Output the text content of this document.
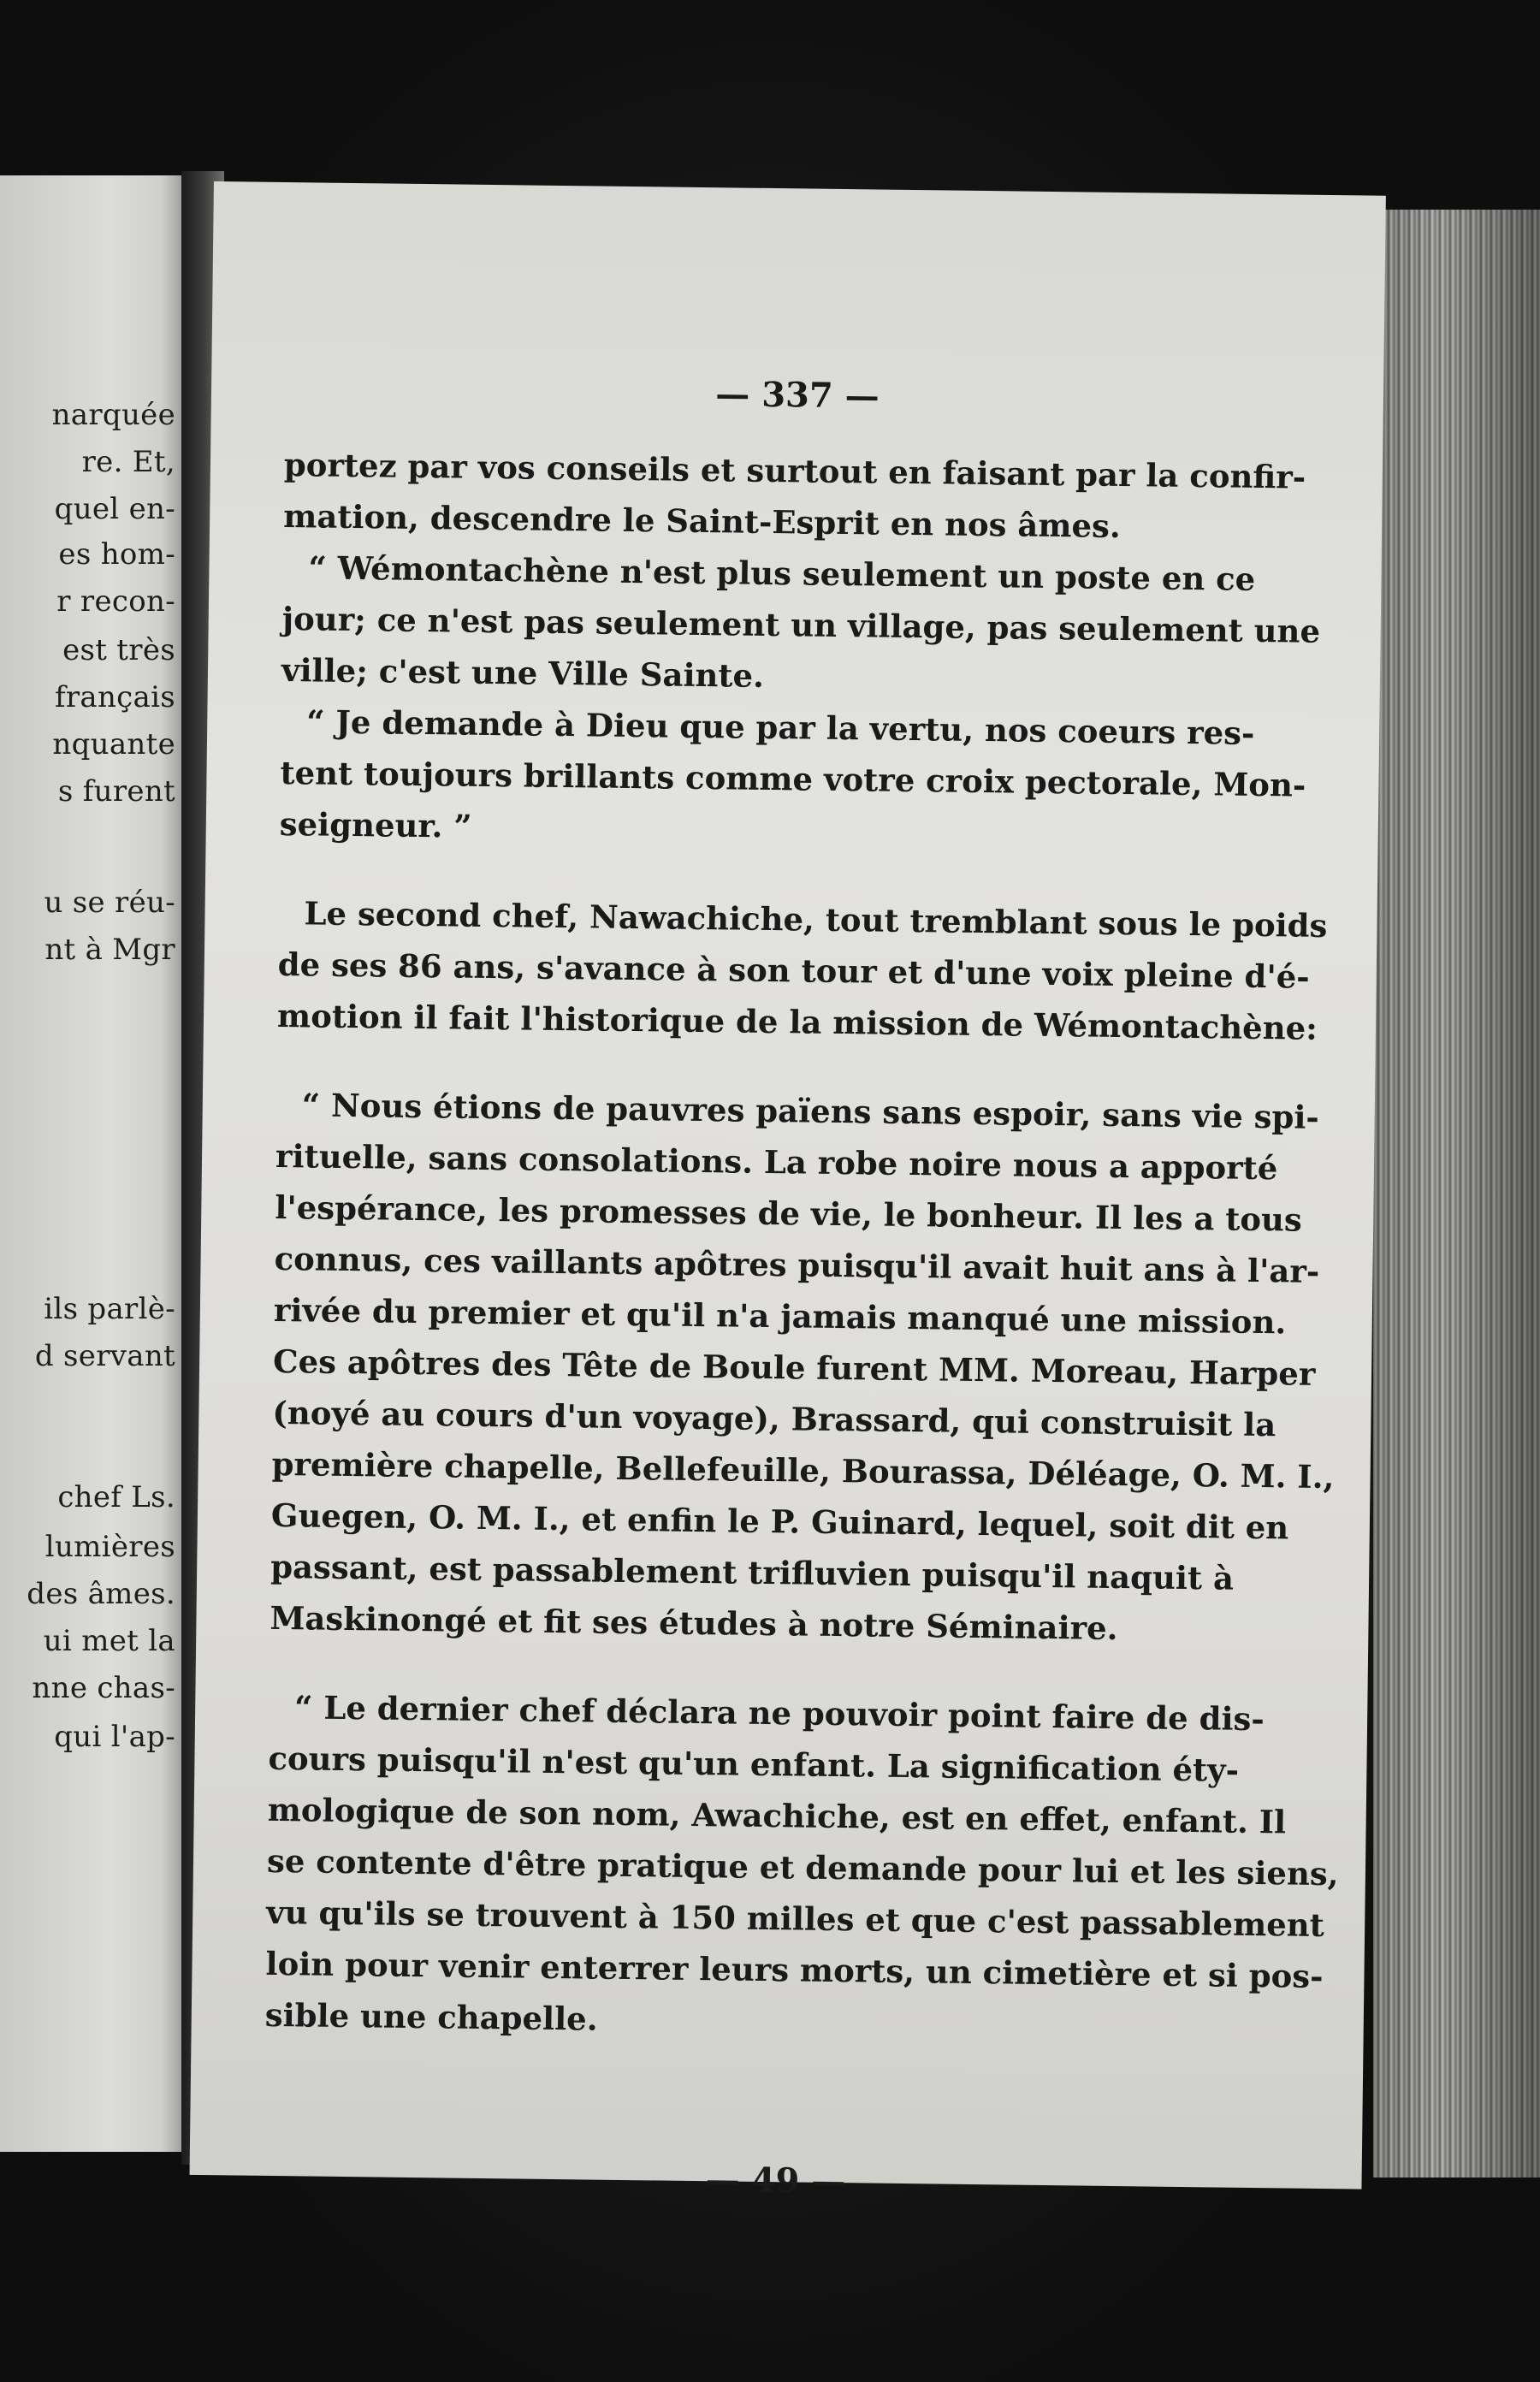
narquée
re. Et,
quel en-
es hom-
r recon-
est très
français
nquante
s furent
u se réu-
nt à Mgr
ils parlè-
d servant
chef Ls.
lumières
des âmes.
ui met la
nne chas-
qui l'ap-
— 337 —
portez par vos conseils et surtout en faisant par la confir-
mation, descendre le Saint-Esprit en nos âmes.
“ Wémontachène n'est plus seulement un poste en ce
jour; ce n'est pas seulement un village, pas seulement une
ville; c'est une Ville Sainte.
“ Je demande à Dieu que par la vertu, nos coeurs res-
tent toujours brillants comme votre croix pectorale, Mon-
seigneur. ”
Le second chef, Nawachiche, tout tremblant sous le poids
de ses 86 ans, s'avance à son tour et d'une voix pleine d'é-
motion il fait l'historique de la mission de Wémontachène:
“ Nous étions de pauvres païens sans espoir, sans vie spi-
rituelle, sans consolations. La robe noire nous a apporté
l'espérance, les promesses de vie, le bonheur. Il les a tous
connus, ces vaillants apôtres puisqu'il avait huit ans à l'ar-
rivée du premier et qu'il n'a jamais manqué une mission.
Ces apôtres des Tête de Boule furent MM. Moreau, Harper
(noyé au cours d'un voyage), Brassard, qui construisit la
première chapelle, Bellefeuille, Bourassa, Déléage, O. M. I.,
Guegen, O. M. I., et enfin le P. Guinard, lequel, soit dit en
passant, est passablement trifluvien puisqu'il naquit à
Maskinongé et fit ses études à notre Séminaire.
“ Le dernier chef déclara ne pouvoir point faire de dis-
cours puisqu'il n'est qu'un enfant. La signification éty-
mologique de son nom, Awachiche, est en effet, enfant. Il
se contente d'être pratique et demande pour lui et les siens,
vu qu'ils se trouvent à 150 milles et que c'est passablement
loin pour venir enterrer leurs morts, un cimetière et si pos-
sible une chapelle.
— 49 —
